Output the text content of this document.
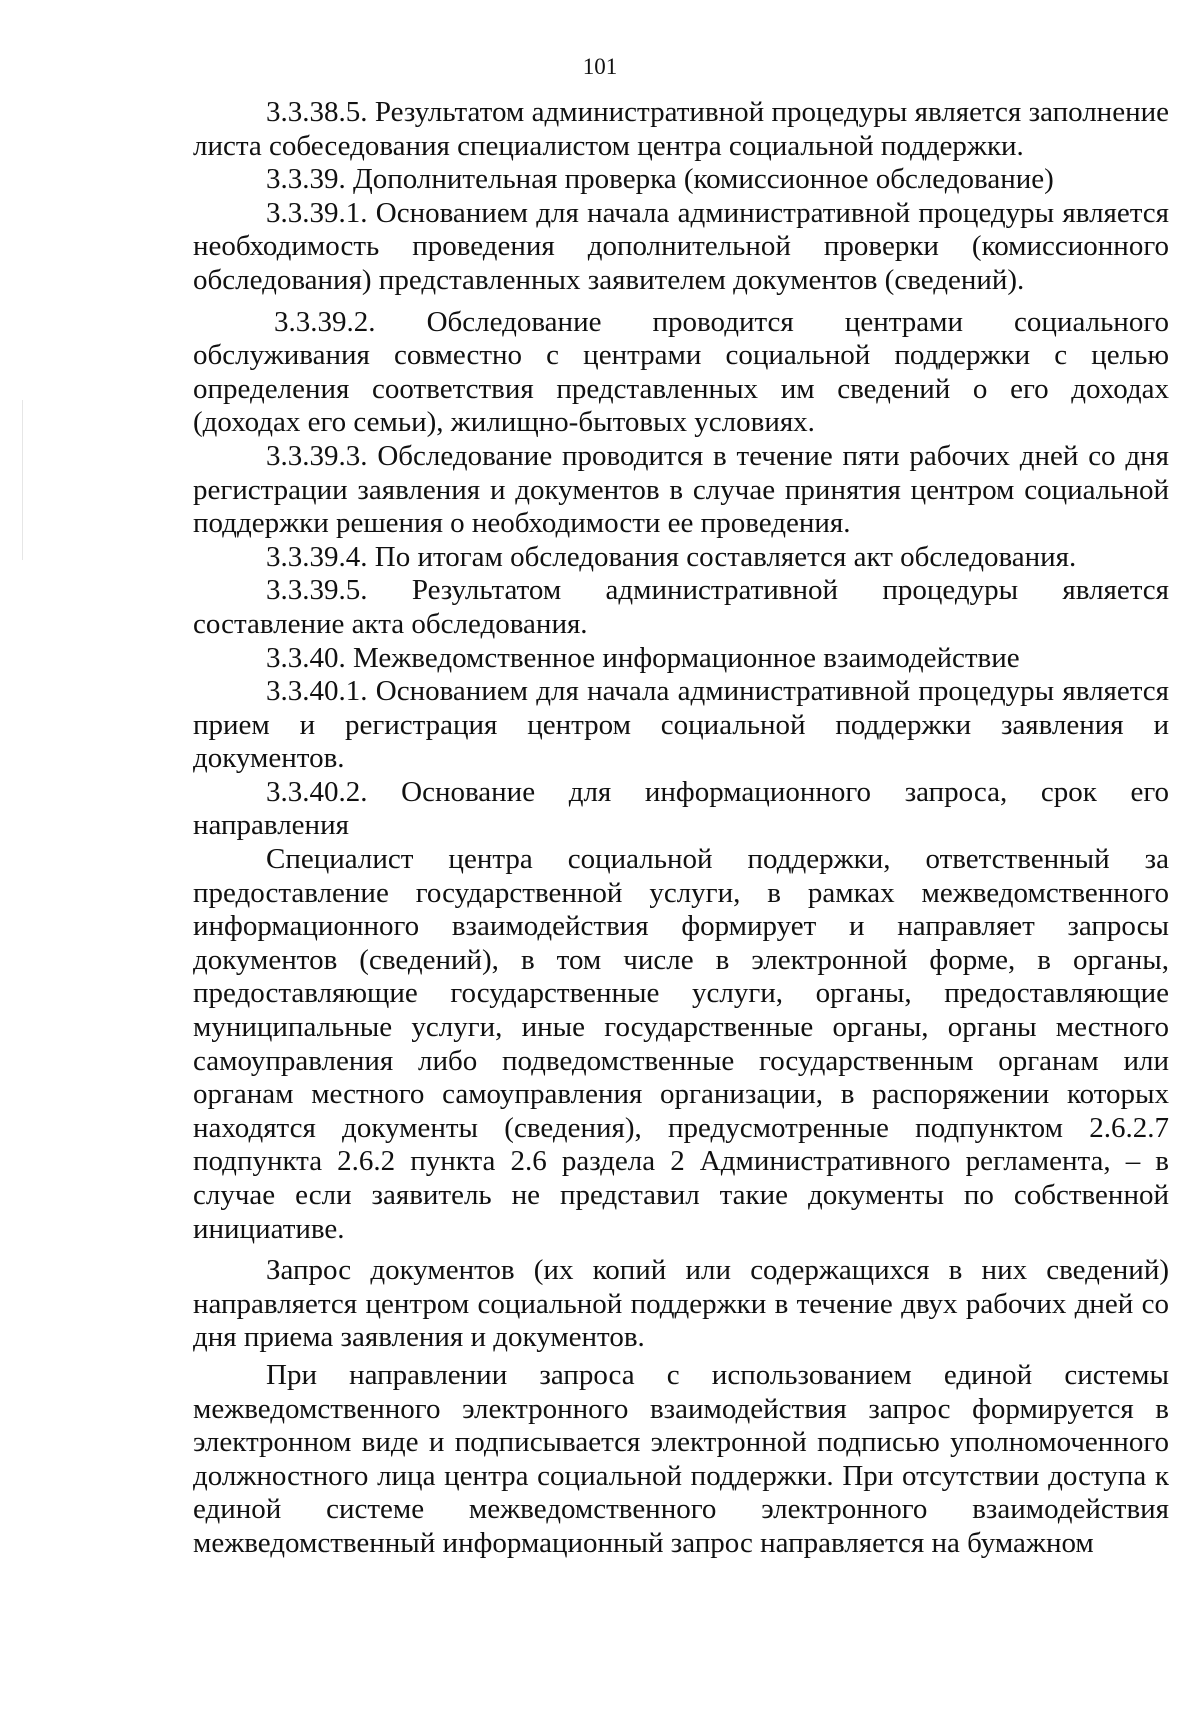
101

3.3.38.5. Результатом административной процедуры является заполнение листа собеседования специалистом центра социальной поддержки.

3.3.39. Дополнительная проверка (комиссионное обследование)

3.3.39.1. Основанием для начала административной процедуры является необходимость проведения дополнительной проверки (комиссионного обследования) представленных заявителем документов (сведений).

3.3.39.2. Обследование проводится центрами социального обслуживания совместно с центрами социальной поддержки с целью определения соответствия представленных им сведений о его доходах (доходах его семьи), жилищно-бытовых условиях.

3.3.39.3. Обследование проводится в течение пяти рабочих дней со дня регистрации заявления и документов в случае принятия центром социальной поддержки решения о необходимости ее проведения.

3.3.39.4. По итогам обследования составляется акт обследования.

3.3.39.5. Результатом административной процедуры является составление акта обследования.

3.3.40. Межведомственное информационное взаимодействие

3.3.40.1. Основанием для начала административной процедуры является прием и регистрация центром социальной поддержки заявления и документов.

3.3.40.2. Основание для информационного запроса, срок его направления

Специалист центра социальной поддержки, ответственный за предоставление государственной услуги, в рамках межведомственного информационного взаимодействия формирует и направляет запросы документов (сведений), в том числе в электронной форме, в органы, предоставляющие государственные услуги, органы, предоставляющие муниципальные услуги, иные государственные органы, органы местного самоуправления либо подведомственные государственным органам или органам местного самоуправления организации, в распоряжении которых находятся документы (сведения), предусмотренные подпунктом 2.6.2.7 подпункта 2.6.2 пункта 2.6 раздела 2 Административного регламента, – в случае если заявитель не представил такие документы по собственной инициативе.

Запрос документов (их копий или содержащихся в них сведений) направляется центром социальной поддержки в течение двух рабочих дней со дня приема заявления и документов.

При направлении запроса с использованием единой системы межведомственного электронного взаимодействия запрос формируется в электронном виде и подписывается электронной подписью уполномоченного должностного лица центра социальной поддержки. При отсутствии доступа к единой системе межведомственного электронного взаимодействия межведомственный информационный запрос направляется на бумажном
